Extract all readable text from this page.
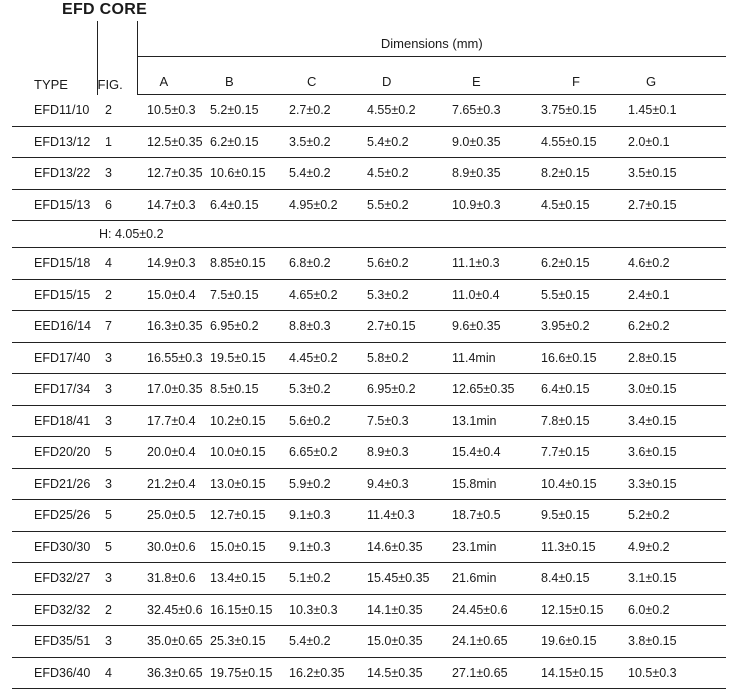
EFD CORE
TYPE	FIG.	Dimensions (mm)						
		A	B	C	D	E	F	G
EFD11/10	2	10.5±0.3	5.2±0.15	2.7±0.2	4.55±0.2	7.65±0.3	3.75±0.15	1.45±0.1
EFD13/12	1	12.5±0.35	6.2±0.15	3.5±0.2	5.4±0.2	9.0±0.35	4.55±0.15	2.0±0.1
EFD13/22	3	12.7±0.35	10.6±0.15	5.4±0.2	4.5±0.2	8.9±0.35	8.2±0.15	3.5±0.15
EFD15/13	6	14.7±0.3	6.4±0.15	4.95±0.2	5.5±0.2	10.9±0.3	4.5±0.15	2.7±0.15
	H: 4.05±0.2							
EFD15/18	4	14.9±0.3	8.85±0.15	6.8±0.2	5.6±0.2	11.1±0.3	6.2±0.15	4.6±0.2
EFD15/15	2	15.0±0.4	7.5±0.15	4.65±0.2	5.3±0.2	11.0±0.4	5.5±0.15	2.4±0.1
EED16/14	7	16.3±0.35	6.95±0.2	8.8±0.3	2.7±0.15	9.6±0.35	3.95±0.2	6.2±0.2
EFD17/40	3	16.55±0.3	19.5±0.15	4.45±0.2	5.8±0.2	11.4min	16.6±0.15	2.8±0.15
EFD17/34	3	17.0±0.35	8.5±0.15	5.3±0.2	6.95±0.2	12.65±0.35	6.4±0.15	3.0±0.15
EFD18/41	3	17.7±0.4	10.2±0.15	5.6±0.2	7.5±0.3	13.1min	7.8±0.15	3.4±0.15
EFD20/20	5	20.0±0.4	10.0±0.15	6.65±0.2	8.9±0.3	15.4±0.4	7.7±0.15	3.6±0.15
EFD21/26	3	21.2±0.4	13.0±0.15	5.9±0.2	9.4±0.3	15.8min	10.4±0.15	3.3±0.15
EFD25/26	5	25.0±0.5	12.7±0.15	9.1±0.3	11.4±0.3	18.7±0.5	9.5±0.15	5.2±0.2
EFD30/30	5	30.0±0.6	15.0±0.15	9.1±0.3	14.6±0.35	23.1min	11.3±0.15	4.9±0.2
EFD32/27	3	31.8±0.6	13.4±0.15	5.1±0.2	15.45±0.35	21.6min	8.4±0.15	3.1±0.15
EFD32/32	2	32.45±0.6	16.15±0.15	10.3±0.3	14.1±0.35	24.45±0.6	12.15±0.15	6.0±0.2
EFD35/51	3	35.0±0.65	25.3±0.15	5.4±0.2	15.0±0.35	24.1±0.65	19.6±0.15	3.8±0.15
EFD36/40	4	36.3±0.65	19.75±0.15	16.2±0.35	14.5±0.35	27.1±0.65	14.15±0.15	10.5±0.3
